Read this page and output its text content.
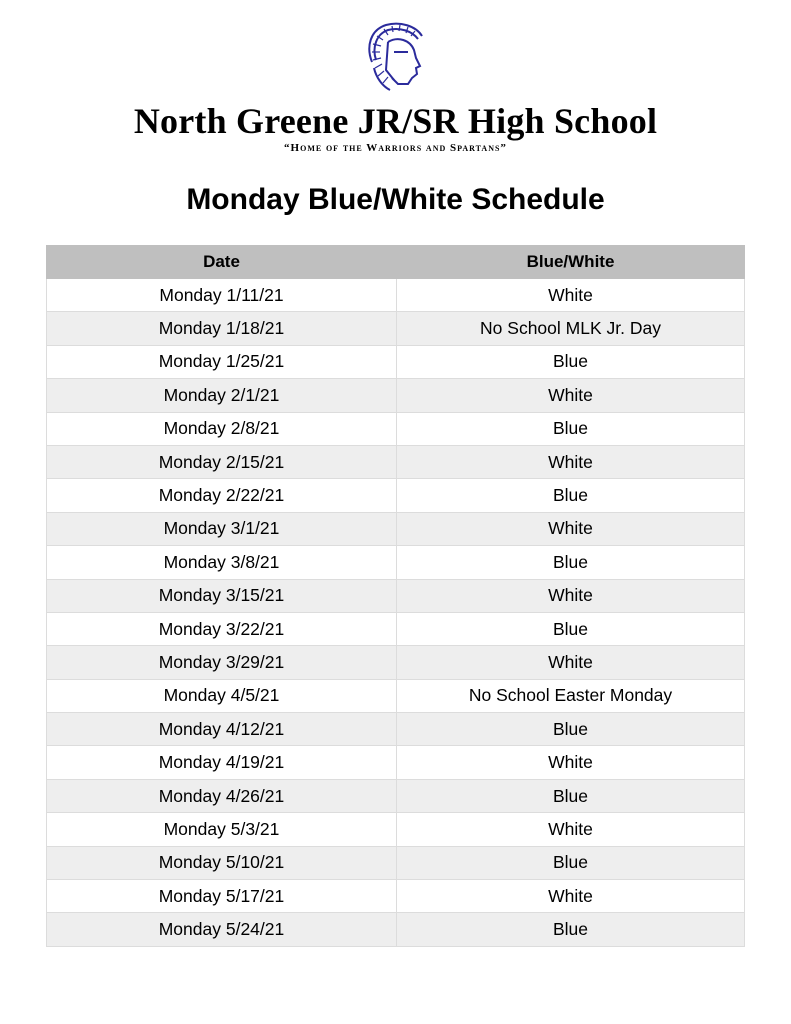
North Greene JR/SR High School
“Home of the Warriors and Spartans”
Monday Blue/White Schedule
Date	Blue/White
Monday 1/11/21	White
Monday 1/18/21	No School MLK Jr. Day
Monday 1/25/21	Blue
Monday 2/1/21	White
Monday 2/8/21	Blue
Monday 2/15/21	White
Monday 2/22/21	Blue
Monday 3/1/21	White
Monday 3/8/21	Blue
Monday 3/15/21	White
Monday 3/22/21	Blue
Monday 3/29/21	White
Monday 4/5/21	No School Easter Monday
Monday 4/12/21	Blue
Monday 4/19/21	White
Monday 4/26/21	Blue
Monday 5/3/21	White
Monday 5/10/21	Blue
Monday 5/17/21	White
Monday 5/24/21	Blue
